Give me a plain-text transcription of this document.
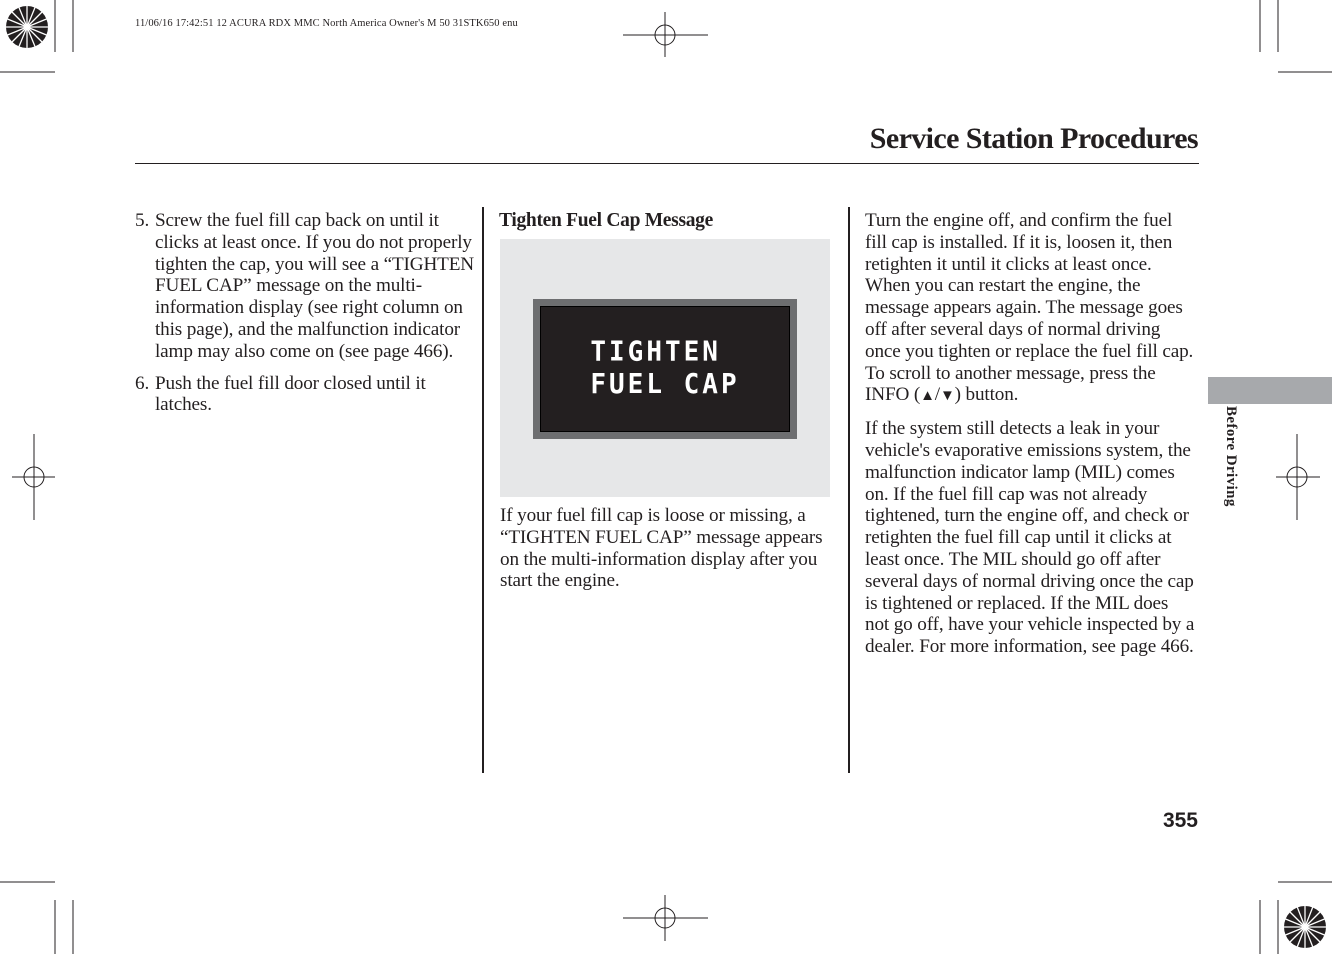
11/06/16 17:42:51 12 ACURA RDX MMC North America Owner's M 50 31STK650 enu
Service Station Procedures
5. Screw the fuel fill cap back on until it clicks at least once. If you do not properly tighten the cap, you will see a “TIGHTEN FUEL CAP” message on the multi-information display (see right column on this page), and the malfunction indicator lamp may also come on (see page 466).
6. Push the fuel fill door closed until it latches.
Tighten Fuel Cap Message
TIGHTEN
FUEL CAP
If your fuel fill cap is loose or missing, a “TIGHTEN FUEL CAP” message appears on the multi-information display after you start the engine.

Turn the engine off, and confirm the fuel fill cap is installed. If it is, loosen it, then retighten it until it clicks at least once. When you can restart the engine, the message appears again. The message goes off after several days of normal driving once you tighten or replace the fuel fill cap. To scroll to another message, press the INFO (▲/▼) button.

If the system still detects a leak in your vehicle's evaporative emissions system, the malfunction indicator lamp (MIL) comes on. If the fuel fill cap was not already tightened, turn the engine off, and check or retighten the fuel fill cap until it clicks at least once. The MIL should go off after several days of normal driving once the cap is tightened or replaced. If the MIL does not go off, have your vehicle inspected by a dealer. For more information, see page 466.

Before Driving
355
